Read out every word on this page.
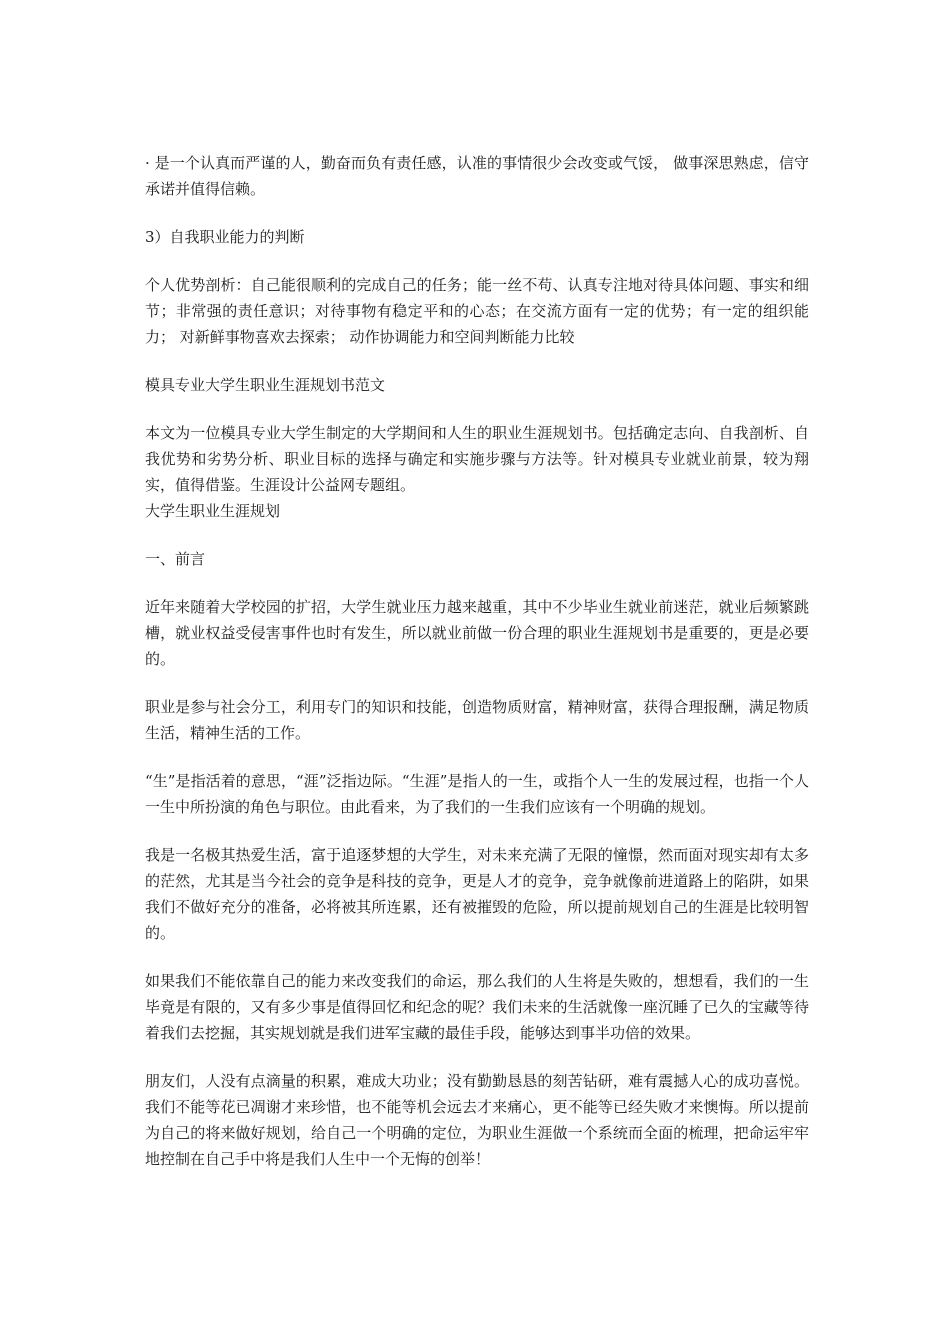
· 是一个认真而严谨的人，勤奋而负有责任感，认准的事情很少会改变或气馁， 做事深思熟虑，信守承诺并值得信赖。

3）自我职业能力的判断

个人优势剖析：自己能很顺利的完成自己的任务；能一丝不苟、认真专注地对待具体问题、事实和细节；非常强的责任意识；对待事物有稳定平和的心态；在交流方面有一定的优势；有一定的组织能力； 对新鲜事物喜欢去探索； 动作协调能力和空间判断能力比较

模具专业大学生职业生涯规划书范文

本文为一位模具专业大学生制定的大学期间和人生的职业生涯规划书。包括确定志向、自我剖析、自我优势和劣势分析、职业目标的选择与确定和实施步骤与方法等。针对模具专业就业前景，较为翔实，值得借鉴。生涯设计公益网专题组。

大学生职业生涯规划

一、前言

近年来随着大学校园的扩招，大学生就业压力越来越重，其中不少毕业生就业前迷茫，就业后频繁跳槽，就业权益受侵害事件也时有发生，所以就业前做一份合理的职业生涯规划书是重要的，更是必要的。

职业是参与社会分工，利用专门的知识和技能，创造物质财富，精神财富，获得合理报酬，满足物质生活，精神生活的工作。

“生”是指活着的意思，“涯”泛指边际。“生涯”是指人的一生，或指个人一生的发展过程，也指一个人一生中所扮演的角色与职位。由此看来，为了我们的一生我们应该有一个明确的规划。

我是一名极其热爱生活，富于追逐梦想的大学生，对未来充满了无限的憧憬，然而面对现实却有太多的茫然，尤其是当今社会的竞争是科技的竞争，更是人才的竞争，竞争就像前进道路上的陷阱，如果我们不做好充分的准备，必将被其所连累，还有被摧毁的危险，所以提前规划自己的生涯是比较明智的。

如果我们不能依靠自己的能力来改变我们的命运，那么我们的人生将是失败的，想想看，我们的一生毕竟是有限的，又有多少事是值得回忆和纪念的呢？我们未来的生活就像一座沉睡了已久的宝藏等待着我们去挖掘，其实规划就是我们进军宝藏的最佳手段，能够达到事半功倍的效果。

朋友们，人没有点滴量的积累，难成大功业；没有勤勤恳恳的刻苦钻研，难有震撼人心的成功喜悦。我们不能等花已凋谢才来珍惜，也不能等机会远去才来痛心，更不能等已经失败才来懊悔。所以提前为自己的将来做好规划，给自己一个明确的定位，为职业生涯做一个系统而全面的梳理，把命运牢牢地控制在自己手中将是我们人生中一个无悔的创举！
